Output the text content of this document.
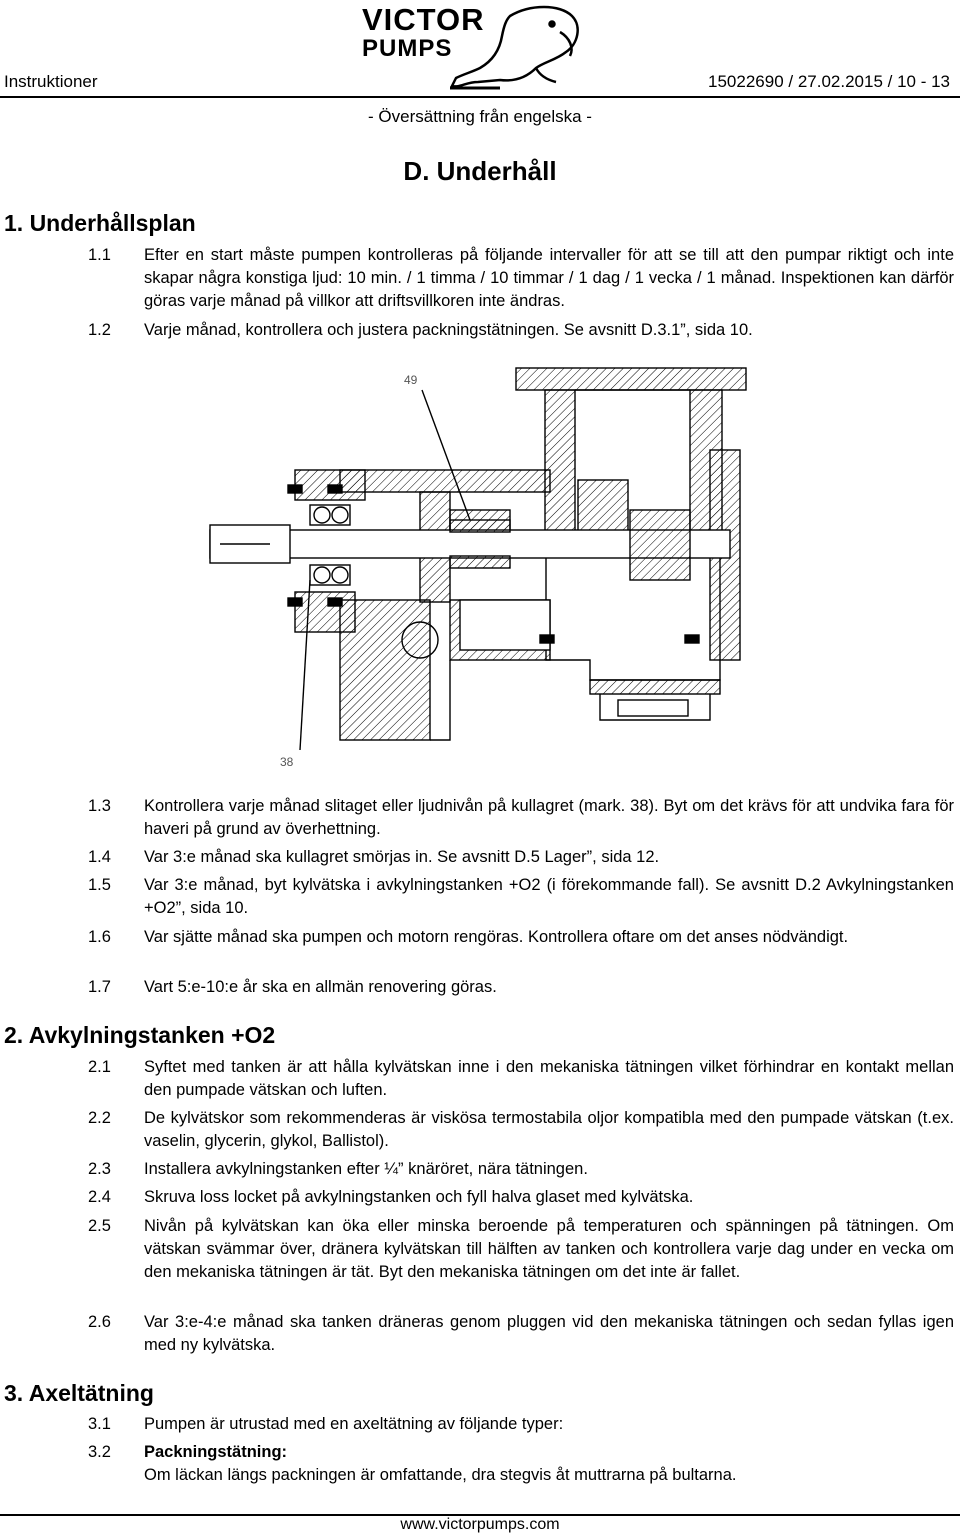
Instruktioner
VICTOR
PUMPS
15022690 / 27.02.2015 / 10 - 13
- Översättning från engelska -
D. Underhåll
1. Underhållsplan
1.1 Efter en start måste pumpen kontrolleras på följande intervaller för att se till att den pumpar riktigt och inte skapar några konstiga ljud: 10 min. / 1 timma / 10 timmar / 1 dag / 1 vecka / 1 månad. Inspektionen kan därför göras varje månad på villkor att driftsvillkoren inte ändras.
1.2 Varje månad, kontrollera och justera packningstätningen. Se avsnitt D.3.1”, sida 10.
49
38
1.3 Kontrollera varje månad slitaget eller ljudnivån på kullagret (mark. 38). Byt om det krävs för att undvika fara för haveri på grund av överhettning.
1.4 Var 3:e månad ska kullagret smörjas in. Se avsnitt D.5 Lager”, sida 12.
1.5 Var 3:e månad, byt kylvätska i avkylningstanken +O2 (i förekommande fall). Se avsnitt D.2 Avkylningstanken +O2”, sida 10.
1.6 Var sjätte månad ska pumpen och motorn rengöras. Kontrollera oftare om det anses nödvändigt.
1.7 Vart 5:e-10:e år ska en allmän renovering göras.
2. Avkylningstanken +O2
2.1 Syftet med tanken är att hålla kylvätskan inne i den mekaniska tätningen vilket förhindrar en kontakt mellan den pumpade vätskan och luften.
2.2 De kylvätskor som rekommenderas är viskösa termostabila oljor kompatibla med den pumpade vätskan (t.ex. vaselin, glycerin, glykol, Ballistol).
2.3 Installera avkylningstanken efter ¼” knäröret, nära tätningen.
2.4 Skruva loss locket på avkylningstanken och fyll halva glaset med kylvätska.
2.5 Nivån på kylvätskan kan öka eller minska beroende på temperaturen och spänningen på tätningen. Om vätskan svämmar över, dränera kylvätskan till hälften av tanken och kontrollera varje dag under en vecka om den mekaniska tätningen är tät. Byt den mekaniska tätningen om det inte är fallet.
2.6 Var 3:e-4:e månad ska tanken dräneras genom pluggen vid den mekaniska tätningen och sedan fyllas igen med ny kylvätska.
3. Axeltätning
3.1 Pumpen är utrustad med en axeltätning av följande typer:
3.2 Packningstätning:
Om läckan längs packningen är omfattande, dra stegvis åt muttrarna på bultarna.
www.victorpumps.com
